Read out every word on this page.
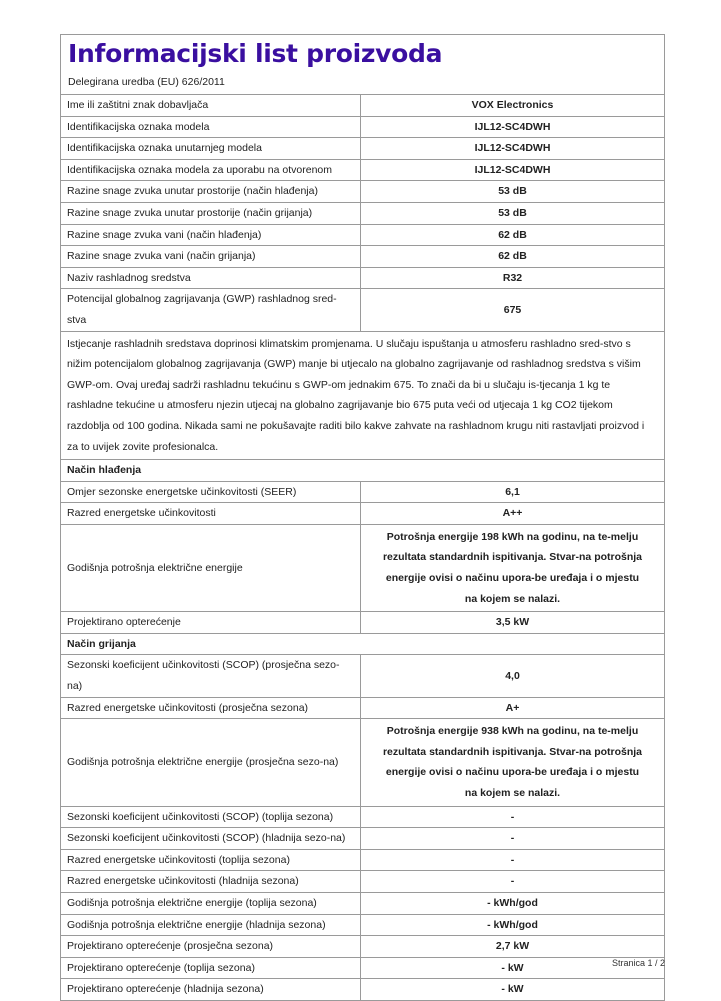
Informacijski list proizvoda
Delegirana uredba (EU) 626/2011
Ime ili zaštitni znak dobavljača	VOX Electronics
Identifikacijska oznaka modela	IJL12-SC4DWH
Identifikacijska oznaka unutarnjeg modela	IJL12-SC4DWH
Identifikacijska oznaka modela za uporabu na otvorenom	IJL12-SC4DWH
Razine snage zvuka unutar prostorije (način hlađenja)	53 dB
Razine snage zvuka unutar prostorije (način grijanja)	53 dB
Razine snage zvuka vani (način hlađenja)	62 dB
Razine snage zvuka vani (način grijanja)	62 dB
Naziv rashladnog sredstva	R32
Potencijal globalnog zagrijavanja (GWP) rashladnog sred-stva	675
Istjecanje rashladnih sredstava doprinosi klimatskim promjenama. U slučaju ispuštanja u atmosferu rashladno sred-stvo s nižim potencijalom globalnog zagrijavanja (GWP) manje bi utjecalo na globalno zagrijavanje od rashladnog sredstva s višim GWP-om. Ovaj uređaj sadrži rashladnu tekućinu s GWP-om jednakim 675. To znači da bi u slučaju is-tjecanja 1 kg te rashladne tekućine u atmosferu njezin utjecaj na globalno zagrijavanje bio 675 puta veći od utjecaja 1 kg CO2 tijekom razdoblja od 100 godina. Nikada sami ne pokušavajte raditi bilo kakve zahvate na rashladnom krugu niti rastavljati proizvod i za to uvijek zovite profesionalca.	
Način hlađenja	
Omjer sezonske energetske učinkovitosti (SEER)	6,1
Razred energetske učinkovitosti	A++
Godišnja potrošnja električne energije	Potrošnja energije 198 kWh na godinu, na te-melju rezultata standardnih ispitivanja. Stvar-na potrošnja energije ovisi o načinu upora-be uređaja i o mjestu na kojem se nalazi.
Projektirano opterećenje	3,5 kW
Način grijanja	
Sezonski koeficijent učinkovitosti (SCOP) (prosječna sezo-na)	4,0
Razred energetske učinkovitosti (prosječna sezona)	A+
Godišnja potrošnja električne energije (prosječna sezo-na)	Potrošnja energije 938 kWh na godinu, na te-melju rezultata standardnih ispitivanja. Stvar-na potrošnja energije ovisi o načinu upora-be uređaja i o mjestu na kojem se nalazi.
Sezonski koeficijent učinkovitosti (SCOP) (toplija sezona)	-
Sezonski koeficijent učinkovitosti (SCOP) (hladnija sezo-na)	-
Razred energetske učinkovitosti (toplija sezona)	-
Razred energetske učinkovitosti (hladnija sezona)	-
Godišnja potrošnja električne energije (toplija sezona)	- kWh/god
Godišnja potrošnja električne energije (hladnija sezona)	- kWh/god
Projektirano opterećenje (prosječna sezona)	2,7 kW
Projektirano opterećenje (toplija sezona)	- kW
Projektirano opterećenje (hladnija sezona)	- kW
Stranica 1 / 2
